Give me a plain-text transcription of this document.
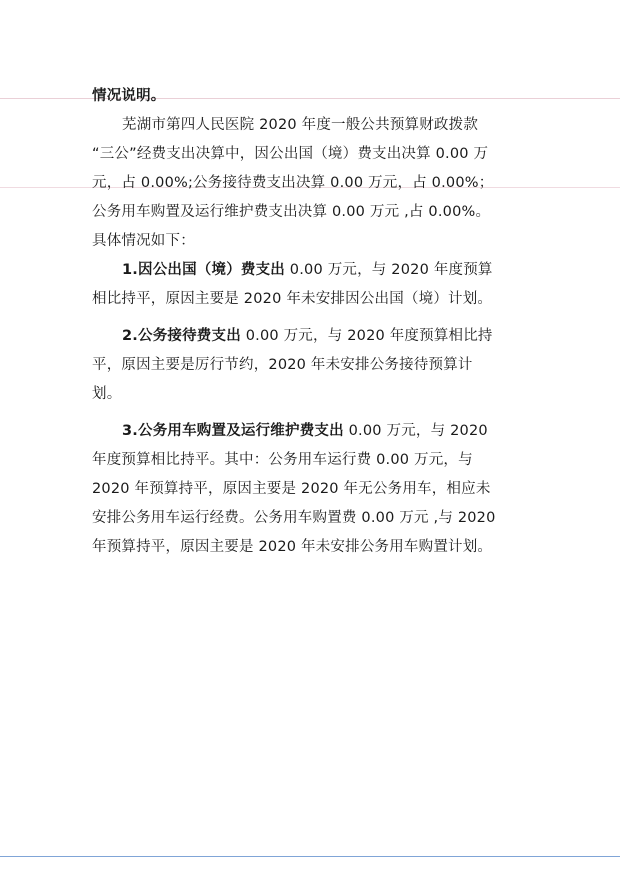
情况说明。

芜湖市第四人民医院 2020 年度一般公共预算财政拨款
“三公”经费支出决算中，因公出国（境）费支出决算 0.00 万
元，占 0.00%;公务接待费支出决算 0.00 万元，占 0.00%；
公务用车购置及运行维护费支出决算 0.00 万元 ,占 0.00%。
具体情况如下：

1.因公出国（境）费支出 0.00 万元，与 2020 年度预算
相比持平，原因主要是 2020 年未安排因公出国（境）计划。

2.公务接待费支出 0.00 万元，与 2020 年度预算相比持
平，原因主要是厉行节约，2020 年未安排公务接待预算计
划。

3.公务用车购置及运行维护费支出 0.00 万元，与 2020
年度预算相比持平。其中：公务用车运行费 0.00 万元，与
2020 年预算持平，原因主要是 2020 年无公务用车，相应未
安排公务用车运行经费。公务用车购置费 0.00 万元 ,与 2020
年预算持平，原因主要是 2020 年未安排公务用车购置计划。
